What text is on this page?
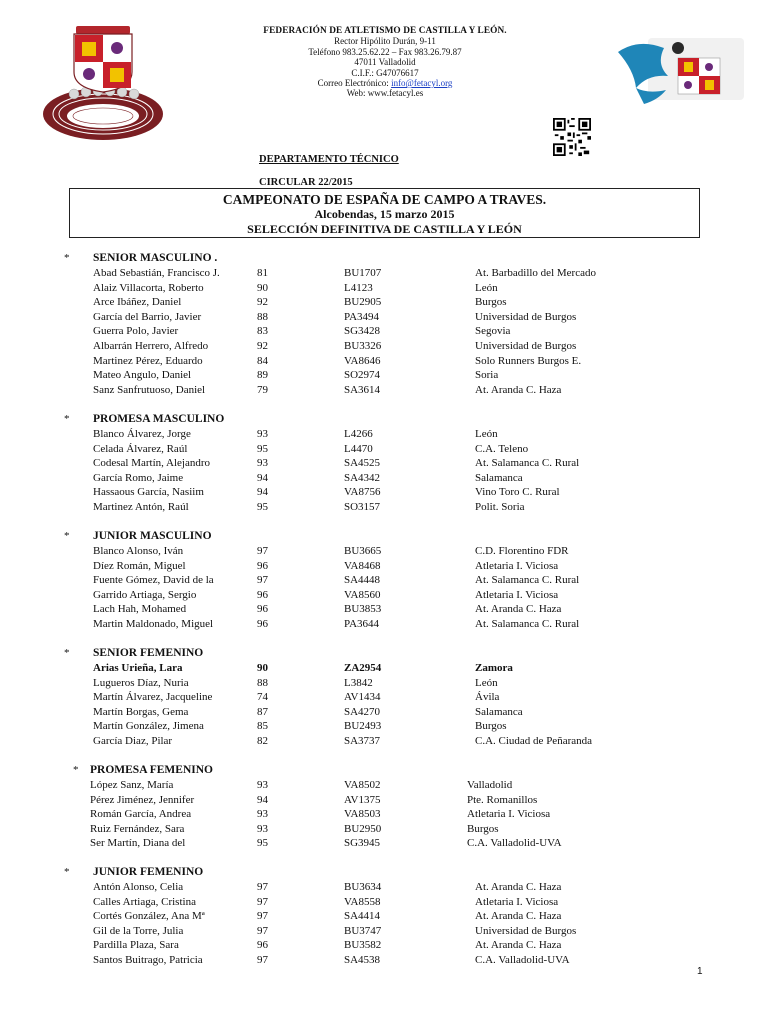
FEDERACIÓN DE ATLETISMO DE CASTILLA Y LEÓN.
Rector Hipólito Durán, 9-11
Teléfono 983.25.62.22 – Fax 983.26.79.87
47011 Valladolid
C.I.F.: G47076617
Correo Electrónico: info@fetacyl.org
Web: www.fetacyl.es
DEPARTAMENTO TÉCNICO
CIRCULAR 22/2015
CAMPEONATO DE ESPAÑA DE CAMPO A TRAVES.
Alcobendas, 15 marzo 2015
SELECCIÓN DEFINITIVA DE CASTILLA Y LEÓN
* SENIOR MASCULINO .
Abad Sebastián, Francisco J.	81	BU1707	At. Barbadillo del Mercado
Alaiz Villacorta, Roberto	90	L4123	León
Arce Ibáñez, Daniel	92	BU2905	Burgos
García del Barrio, Javier	88	PA3494	Universidad de Burgos
Guerra Polo, Javier	83	SG3428	Segovia
Albarrán Herrero, Alfredo	92	BU3326	Universidad de Burgos
Martinez Pérez, Eduardo	84	VA8646	Solo Runners Burgos E.
Mateo Angulo, Daniel	89	SO2974	Soria
Sanz Sanfrutuoso, Daniel	79	SA3614	At. Aranda C. Haza
* PROMESA MASCULINO
Blanco Álvarez, Jorge	93	L4266	León
Celada Álvarez, Raúl	95	L4470	C.A. Teleno
Codesal Martín, Alejandro	93	SA4525	At. Salamanca C. Rural
García Romo, Jaime	94	SA4342	Salamanca
Hassaous García, Nasiim	94	VA8756	Vino Toro C. Rural
Martinez Antón, Raúl	95	SO3157	Polit. Soria
* JUNIOR MASCULINO
Blanco Alonso, Iván	97	BU3665	C.D. Florentino FDR
Díez Román, Miguel	96	VA8468	Atletaria I. Viciosa
Fuente Gómez, David de la	97	SA4448	At. Salamanca C. Rural
Garrido Artiaga, Sergio	96	VA8560	Atletaria I. Viciosa
Lach Hah, Mohamed	96	BU3853	At. Aranda C. Haza
Martin Maldonado, Miguel	96	PA3644	At. Salamanca C. Rural
* SENIOR FEMENINO
Arias Urieña, Lara	90	ZA2954	Zamora
Lugueros Díaz, Nuria	88	L3842	León
Martín Álvarez, Jacqueline	74	AV1434	Ávila
Martín Borgas, Gema	87	SA4270	Salamanca
Martín González, Jimena	85	BU2493	Burgos
García Diaz, Pilar	82	SA3737	C.A. Ciudad de Peñaranda
* PROMESA FEMENINO
López Sanz, María	93	VA8502	Valladolid
Pérez Jiménez, Jennifer	94	AV1375	Pte. Romanillos
Román García, Andrea	93	VA8503	Atletaria I. Viciosa
Ruiz Fernández, Sara	93	BU2950	Burgos
Ser Martín, Diana del	95	SG3945	C.A. Valladolid-UVA
* JUNIOR FEMENINO
Antón Alonso, Celia	97	BU3634	At. Aranda C. Haza
Calles Artiaga, Cristina	97	VA8558	Atletaria I. Viciosa
Cortés González, Ana Mª	97	SA4414	At. Aranda C. Haza
Gil de la Torre, Julia	97	BU3747	Universidad de Burgos
Pardilla Plaza, Sara	96	BU3582	At. Aranda C. Haza
Santos Buitrago, Patricia	97	SA4538	C.A. Valladolid-UVA
1
